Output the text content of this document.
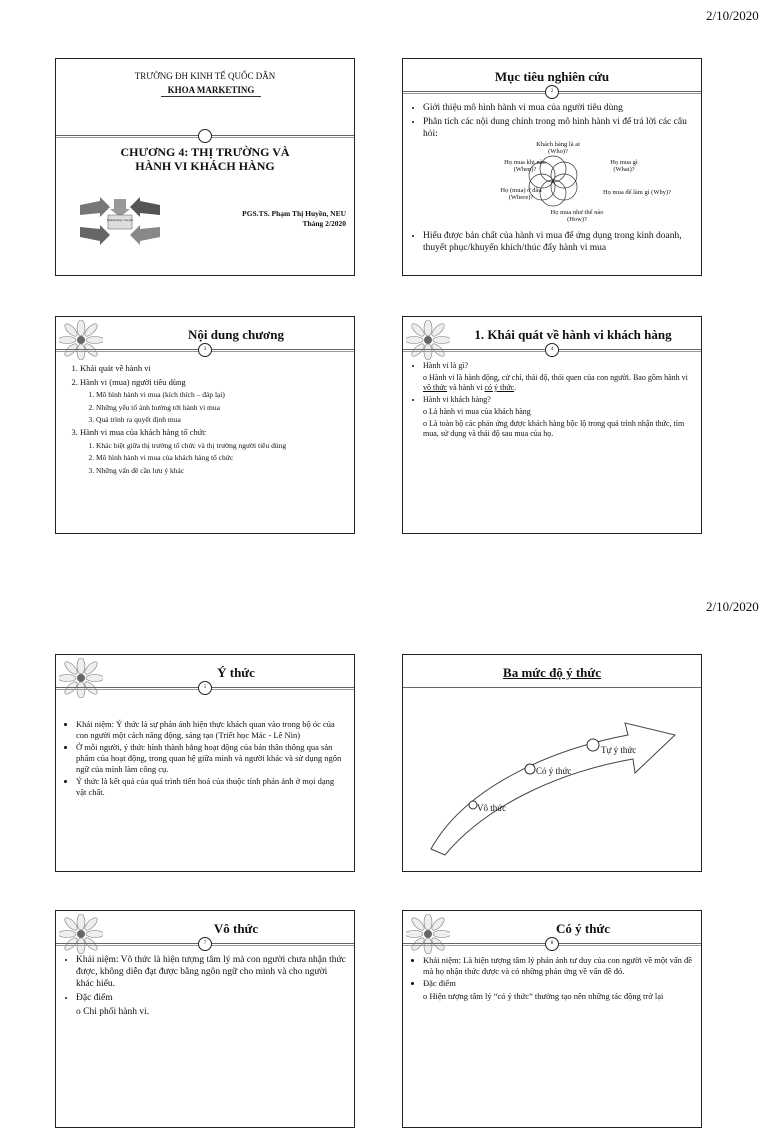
2/10/2020
2/10/2020
TRƯỜNG ĐH KINH TẾ QUỐC DÂN
KHOA MARKETING
CHƯƠNG 4: THỊ TRƯỜNG VÀ
HÀNH VI KHÁCH HÀNG
Marketing concept
PGS.TS. Phạm Thị Huyền, NEU
Tháng 2/2020
Mục tiêu nghiên cứu
2
• Giới thiệu mô hình hành vi mua của người tiêu dùng
• Phân tích các nội dung chính trong mô hình hành vi để trả lời các câu hỏi:
Khách hàng là ai (Who)?
Họ mua gì (What)?
Họ mua để làm gì (Why)?
Họ mua như thế nào (How)?
Họ (mua) ở đâu (Where)?
Họ mua khi nào (When)?
• Hiểu được bản chất của hành vi mua để ứng dụng trong kinh doanh, thuyết phục/khuyến khích/thúc đẩy hành vi mua
Nội dung chương
3
1. Khái quát về hành vi
2. Hành vi (mua) người tiêu dùng
1. Mô hình hành vi mua (kích thích – đáp lại)
2. Những yếu tố ảnh hưởng tới hành vi mua
3. Quá trình ra quyết định mua
3. Hành vi mua của khách hàng tổ chức
1. Khác biệt giữa thị trường tổ chức và thị trường người tiêu dùng
2. Mô hình hành vi mua của khách hàng tổ chức
3. Những vấn đề cần lưu ý khác
1. Khái quát về hành vi khách hàng
4
• Hành vi là gì?
o Hành vi là hành động, cử chỉ, thái độ, thói quen của con người. Bao gồm hành vi vô thức và hành vi có ý thức.
• Hành vi khách hàng?
o Là hành vi mua của khách hàng
o Là toàn bộ các phản ứng được khách hàng bộc lộ trong quá trình nhận thức, tìm mua, sử dụng và thái độ sau mua của họ.
Ý thức
5
• Khái niệm: Ý thức là sự phản ánh hiện thực khách quan vào trong bộ óc của con người một cách năng động, sáng tạo (Triết học Mác - Lê Nin)
• Ở mỗi người, ý thức hình thành bằng hoạt động của bản thân thông qua sản phẩm của hoạt động, trong quan hệ giữa mình và người khác và sử dụng ngôn ngữ của mình làm công cụ.
• Ý thức là kết quả của quá trình tiến hoá của thuộc tính phản ánh ở mọi dạng vật chất.
Ba mức độ ý thức
Vô thức
Có ý thức
Tự ý thức
Vô thức
7
• Khái niệm: Vô thức là hiện tượng tâm lý mà con người chưa nhận thức được, không diễn đạt được bằng ngôn ngữ cho mình và cho người khác hiểu.
• Đặc điểm
o Chi phối hành vi.
Có ý thức
8
• Khái niệm: Là hiện tượng tâm lý phản ánh tư duy của con người về một vấn đề mà họ nhận thức được và có những phản ứng về vấn đề đó.
• Đặc điểm
o Hiện tượng tâm lý “có ý thức” thường tạo nên những tác động trở lại
